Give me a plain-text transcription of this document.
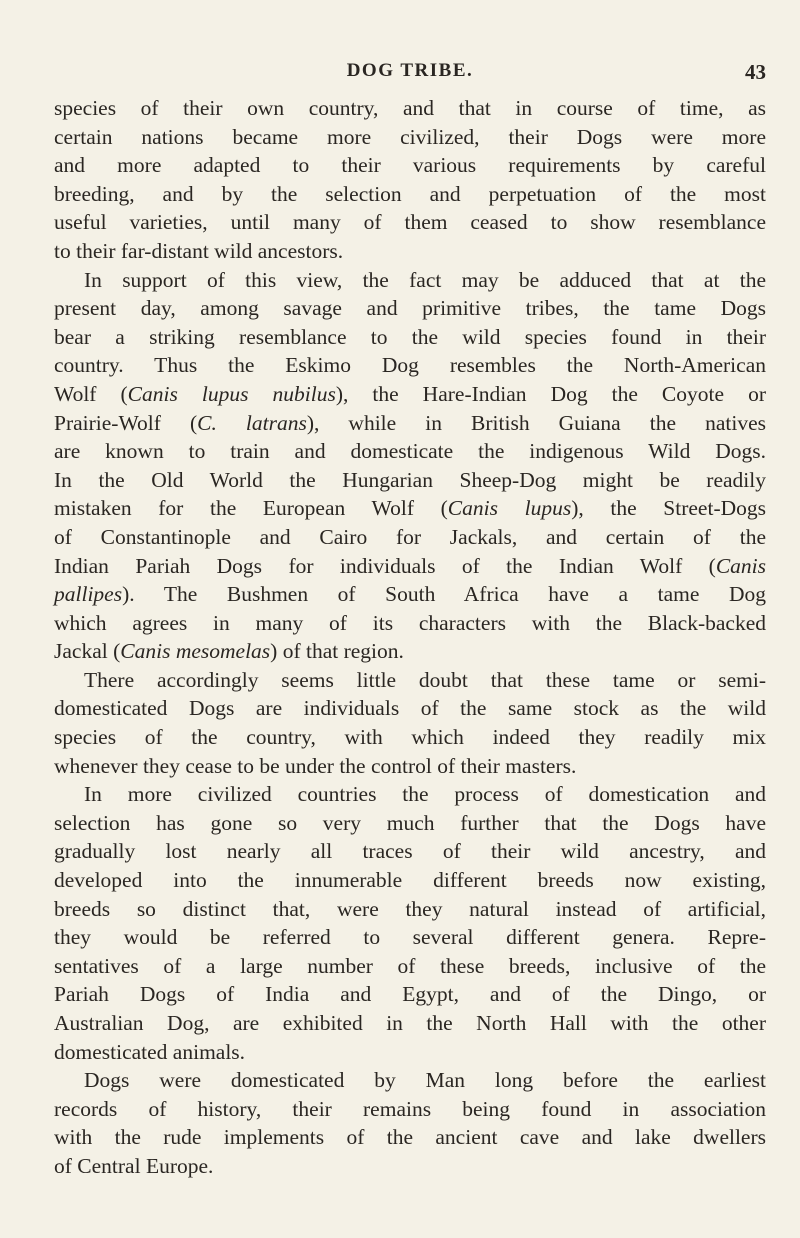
DOG TRIBE.	43
species of their own country, and that in course of time, as
certain nations became more civilized, their Dogs were more
and more adapted to their various requirements by careful
breeding, and by the selection and perpetuation of the most
useful varieties, until many of them ceased to show resemblance
to their far-distant wild ancestors.
In support of this view, the fact may be adduced that at the
present day, among savage and primitive tribes, the tame Dogs
bear a striking resemblance to the wild species found in their
country. Thus the Eskimo Dog resembles the North-American
Wolf (Canis lupus nubilus), the Hare-Indian Dog the Coyote or
Prairie-Wolf (C. latrans), while in British Guiana the natives
are known to train and domesticate the indigenous Wild Dogs.
In the Old World the Hungarian Sheep-Dog might be readily
mistaken for the European Wolf (Canis lupus), the Street-Dogs
of Constantinople and Cairo for Jackals, and certain of the
Indian Pariah Dogs for individuals of the Indian Wolf (Canis
pallipes). The Bushmen of South Africa have a tame Dog
which agrees in many of its characters with the Black-backed
Jackal (Canis mesomelas) of that region.
There accordingly seems little doubt that these tame or semi-
domesticated Dogs are individuals of the same stock as the wild
species of the country, with which indeed they readily mix
whenever they cease to be under the control of their masters.
In more civilized countries the process of domestication and
selection has gone so very much further that the Dogs have
gradually lost nearly all traces of their wild ancestry, and
developed into the innumerable different breeds now existing,
breeds so distinct that, were they natural instead of artificial,
they would be referred to several different genera. Repre-
sentatives of a large number of these breeds, inclusive of the
Pariah Dogs of India and Egypt, and of the Dingo, or
Australian Dog, are exhibited in the North Hall with the other
domesticated animals.
Dogs were domesticated by Man long before the earliest
records of history, their remains being found in association
with the rude implements of the ancient cave and lake dwellers
of Central Europe.
